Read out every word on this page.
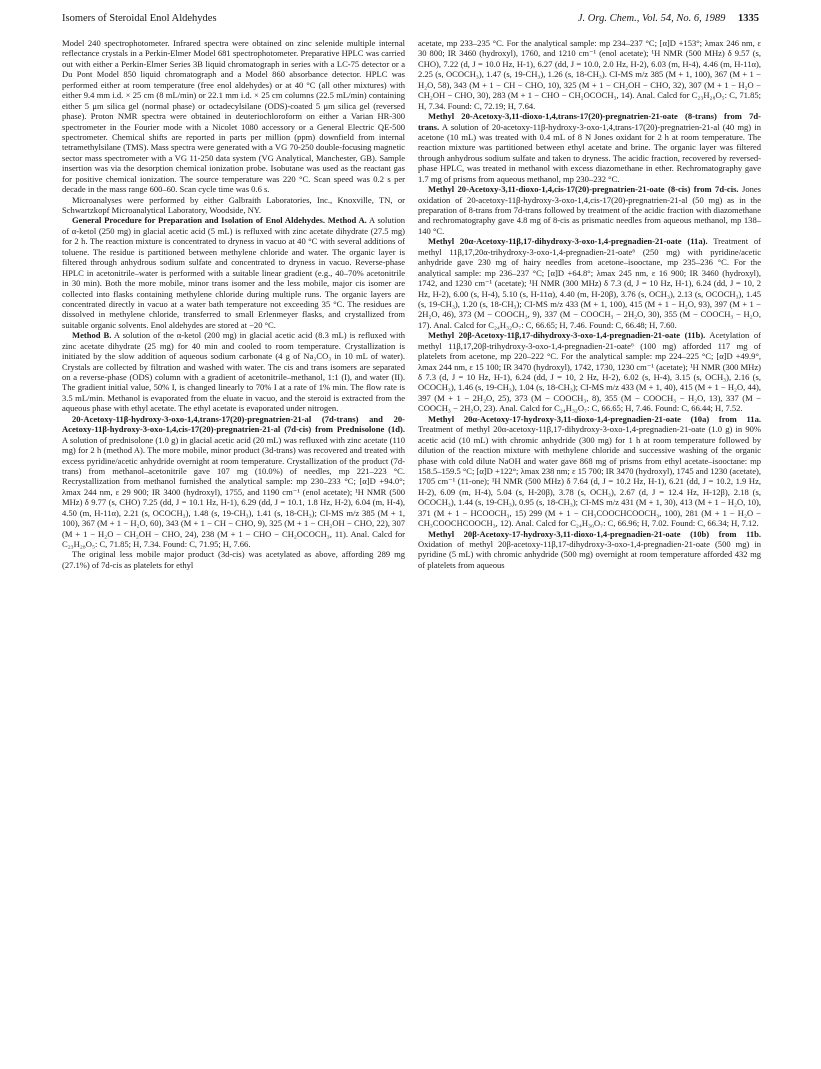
Isomers of Steroidal Enol Aldehydes	J. Org. Chem., Vol. 54, No. 6, 1989 1335

Model 240 spectrophotometer. Infrared spectra were obtained on zinc selenide multiple internal reflectance crystals in a Perkin-Elmer Model 681 spectrophotometer. Preparative HPLC was carried out with either a Perkin-Elmer Series 3B liquid chromatograph in series with a LC-75 detector or a Du Pont Model 850 liquid chromatograph and a Model 860 absorbance detector. HPLC was performed either at room temperature (free enol aldehydes) or at 40 °C (all other mixtures) with either 9.4 mm i.d. × 25 cm (8 mL/min) or 22.1 mm i.d. × 25 cm columns (22.5 mL/min) containing either 5 μm silica gel (normal phase) or octadecylsilane (ODS)-coated 5 μm silica gel (reversed phase). Proton NMR spectra were obtained in deuteriochloroform on either a Varian HR-300 spectrometer in the Fourier mode with a Nicolet 1080 accessory or a General Electric QE-500 spectrometer. Chemical shifts are reported in parts per million (ppm) downfield from internal tetramethylsilane (TMS). Mass spectra were generated with a VG 70-250 double-focusing magnetic sector mass spectrometer with a VG 11-250 data system (VG Analytical, Manchester, GB). Sample insertion was via the desorption chemical ionization probe. Isobutane was used as the reactant gas for positive chemical ionization. The source temperature was 220 °C. Scan speed was 0.2 s per decade in the mass range 600–60. Scan cycle time was 0.6 s.

Microanalyses were performed by either Galbraith Laboratories, Inc., Knoxville, TN, or Schwartzkopf Microanalytical Laboratory, Woodside, NY.

General Procedure for Preparation and Isolation of Enol Aldehydes. Method A. A solution of α-ketol (250 mg) in glacial acetic acid (5 mL) is refluxed with zinc acetate dihydrate (27.5 mg) for 2 h. The reaction mixture is concentrated to dryness in vacuo at 40 °C with several additions of toluene. The residue is partitioned between methylene chloride and water. The organic layer is filtered through anhydrous sodium sulfate and concentrated to dryness in vacuo. Reverse-phase HPLC in acetonitrile–water is performed with a suitable linear gradient (e.g., 40–70% acetonitrile in 30 min). Both the more mobile, minor trans isomer and the less mobile, major cis isomer are collected into flasks containing methylene chloride during multiple runs. The organic layers are concentrated directly in vacuo at a water bath temperature not exceeding 35 °C. The residues are dissolved in methylene chloride, transferred to small Erlenmeyer flasks, and crystallized from suitable organic solvents. Enol aldehydes are stored at −20 °C.

Method B. A solution of the α-ketol (200 mg) in glacial acetic acid (8.3 mL) is refluxed with zinc acetate dihydrate (25 mg) for 40 min and cooled to room temperature. Crystallization is initiated by the slow addition of aqueous sodium carbonate (4 g of Na₂CO₃ in 10 mL of water). Crystals are collected by filtration and washed with water. The cis and trans isomers are separated on a reverse-phase (ODS) column with a gradient of acetonitrile–methanol, 1:1 (I), and water (II). The gradient initial value, 50% I, is changed linearly to 70% I at a rate of 1% min. The flow rate is 3.5 mL/min. Methanol is evaporated from the eluate in vacuo, and the steroid is extracted from the aqueous phase with ethyl acetate. The ethyl acetate is evaporated under nitrogen.

20-Acetoxy-11β-hydroxy-3-oxo-1,4,trans-17(20)-pregnatrien-21-al (7d-trans) and 20-Acetoxy-11β-hydroxy-3-oxo-1,4,cis-17(20)-pregnatrien-21-al (7d-cis) from Prednisolone (1d). A solution of prednisolone (1.0 g) in glacial acetic acid (20 mL) was refluxed with zinc acetate (110 mg) for 2 h (method A). The more mobile, minor product (3d-trans) was recovered and treated with excess pyridine/acetic anhydride overnight at room temperature. Crystallization of the product (7d-trans) from methanol–acetonitrile gave 107 mg (10.0%) of needles, mp 221–223 °C. Recrystallization from methanol furnished the analytical sample: mp 230–233 °C; [α]D +94.0°; λmax 244 nm, ε 29 900; IR 3400 (hydroxyl), 1755, and 1190 cm⁻¹ (enol acetate); ¹H NMR (500 MHz) δ 9.77 (s, CHO) 7.25 (dd, J = 10.1 Hz, H-1), 6.29 (dd, J = 10.1, 1.8 Hz, H-2), 6.04 (m, H-4), 4.50 (m, H-11α), 2.21 (s, OCOCH₃), 1.48 (s, 19-CH₃), 1.41 (s, 18-CH₃); CI-MS m/z 385 (M + 1, 100), 367 (M + 1 − H₂O, 60), 343 (M + 1 − CH − CHO, 9), 325 (M + 1 − CH₂OH − CHO, 22), 307 (M + 1 − H₂O − CH₂OH − CHO, 24), 238 (M + 1 − CHO − CH₂OCOCH₃, 11). Anal. Calcd for C₂₃H₂₈O₅: C, 71.85; H, 7.34. Found: C, 71.95; H, 7.66.

The original less mobile major product (3d-cis) was acetylated as above, affording 289 mg (27.1%) of 7d-cis as platelets for ethyl

acetate, mp 233–235 °C. For the analytical sample: mp 234–237 °C; [α]D +153°; λmax 246 nm, ε 30 800; IR 3460 (hydroxyl), 1760, and 1210 cm⁻¹ (enol acetate); ¹H NMR (500 MHz) δ 9.57 (s, CHO), 7.22 (d, J = 10.0 Hz, H-1), 6.27 (dd, J = 10.0, 2.0 Hz, H-2), 6.03 (m, H-4), 4.46 (m, H-11α), 2.25 (s, OCOCH₃), 1.47 (s, 19-CH₃), 1.26 (s, 18-CH₃). CI-MS m/z 385 (M + 1, 100), 367 (M + 1 − H₂O, 58), 343 (M + 1 − CH − CHO, 10), 325 (M + 1 − CH₂OH − CHO, 32), 307 (M + 1 − H₂O − CH₂OH − CHO, 30), 283 (M + 1 − CHO − CH₂OCOCH₃, 14). Anal. Calcd for C₂₃H₂₈O₅: C, 71.85; H, 7.34. Found: C, 72.19; H, 7.64.

Methyl 20-Acetoxy-3,11-dioxo-1,4,trans-17(20)-pregnatrien-21-oate (8-trans) from 7d-trans. A solution of 20-acetoxy-11β-hydroxy-3-oxo-1,4,trans-17(20)-pregnatrien-21-al (40 mg) in acetone (10 mL) was treated with 0.4 mL of 8 N Jones oxidant for 2 h at room temperature. The reaction mixture was partitioned between ethyl acetate and brine. The organic layer was filtered through anhydrous sodium sulfate and taken to dryness. The acidic fraction, recovered by reversed-phase HPLC, was treated in methanol with excess diazomethane in ether. Rechromatography gave 1.7 mg of prisms from aqueous methanol, mp 230–232 °C.

Methyl 20-Acetoxy-3,11-dioxo-1,4,cis-17(20)-pregnatrien-21-oate (8-cis) from 7d-cis. Jones oxidation of 20-acetoxy-11β-hydroxy-3-oxo-1,4,cis-17(20)-pregnatrien-21-al (50 mg) as in the preparation of 8-trans from 7d-trans followed by treatment of the acidic fraction with diazomethane and rechromatography gave 4.8 mg of 8-cis as prismatic needles from aqueous methanol, mp 138–140 °C.

Methyl 20α-Acetoxy-11β,17-dihydroxy-3-oxo-1,4-pregnadien-21-oate (11a). Treatment of methyl 11β,17,20α-trihydroxy-3-oxo-1,4-pregnadien-21-oate⁶ (250 mg) with pyridine/acetic anhydride gave 230 mg of hairy needles from acetone–isooctane, mp 235–236 °C. For the analytical sample: mp 236–237 °C; [α]D +64.8°; λmax 245 nm, ε 16 900; IR 3460 (hydroxyl), 1742, and 1230 cm⁻¹ (acetate); ¹H NMR (300 MHz) δ 7.3 (d, J = 10 Hz, H-1), 6.24 (dd, J = 10, 2 Hz, H-2), 6.00 (s, H-4), 5.10 (s, H-11α), 4.40 (m, H-20β), 3.76 (s, OCH₃), 2.13 (s, OCOCH₃), 1.45 (s, 19-CH₃), 1.20 (s, 18-CH₃); CI-MS m/z 433 (M + 1, 100), 415 (M + 1 − H₂O, 93), 397 (M + 1 − 2H₂O, 46), 373 (M − COOCH₃, 9), 337 (M − COOCH₃ − 2H₂O, 30), 355 (M − COOCH₃ − H₂O, 17). Anal. Calcd for C₂₄H₃₂O₇: C, 66.65; H, 7.46. Found: C, 66.48; H, 7.60.

Methyl 20β-Acetoxy-11β,17-dihydroxy-3-oxo-1,4-pregnadien-21-oate (11b). Acetylation of methyl 11β,17,20β-trihydroxy-3-oxo-1,4-pregnadien-21-oate⁶ (100 mg) afforded 117 mg of platelets from acetone, mp 220–222 °C. For the analytical sample: mp 224–225 °C; [α]D +49.9°, λmax 244 nm, ε 15 100; IR 3470 (hydroxyl), 1742, 1730, 1230 cm⁻¹ (acetate); ¹H NMR (300 MHz) δ 7.3 (d, J = 10 Hz, H-1), 6.24 (dd, J = 10, 2 Hz, H-2), 6.02 (s, H-4), 3.15 (s, OCH₃), 2.16 (s, OCOCH₃), 1.46 (s, 19-CH₃), 1.04 (s, 18-CH₃); CI-MS m/z 433 (M + 1, 40), 415 (M + 1 − H₂O, 44), 397 (M + 1 − 2H₂O, 25), 373 (M − COOCH₃, 8), 355 (M − COOCH₃ − H₂O, 13), 337 (M − COOCH₃ − 2H₂O, 23). Anal. Calcd for C₂₄H₃₂O₇: C, 66.65; H, 7.46. Found: C, 66.44; H, 7.52.

Methyl 20α-Acetoxy-17-hydroxy-3,11-dioxo-1,4-pregnadien-21-oate (10a) from 11a. Treatment of methyl 20α-acetoxy-11β,17-dihydroxy-3-oxo-1,4-pregnadien-21-oate (1.0 g) in 90% acetic acid (10 mL) with chromic anhydride (300 mg) for 1 h at room temperature followed by dilution of the reaction mixture with methylene chloride and successive washing of the organic phase with cold dilute NaOH and water gave 868 mg of prisms from ethyl acetate–isooctane: mp 158.5–159.5 °C; [α]D +122°; λmax 238 nm; ε 15 700; IR 3470 (hydroxyl), 1745 and 1230 (acetate), 1705 cm⁻¹ (11-one); ¹H NMR (500 MHz) δ 7.64 (d, J = 10.2 Hz, H-1), 6.21 (dd, J = 10.2, 1.9 Hz, H-2), 6.09 (m, H-4), 5.04 (s, H-20β), 3.78 (s, OCH₃), 2.67 (d, J = 12.4 Hz, H-12β), 2.18 (s, OCOCH₃), 1.44 (s, 19-CH₃), 0.95 (s, 18-CH₃); CI-MS m/z 431 (M + 1, 30), 413 (M + 1 − H₂O, 10), 371 (M + 1 − HCOOCH₃, 15) 299 (M + 1 − CH₃COOCHCOOCH₃, 100), 281 (M + 1 − H₂O − CH₃COOCHCOOCH₃, 12). Anal. Calcd for C₂₄H₃₀O₇: C, 66.96; H, 7.02. Found: C, 66.34; H, 7.12.

Methyl 20β-Acetoxy-17-hydroxy-3,11-dioxo-1,4-pregnadien-21-oate (10b) from 11b. Oxidation of methyl 20β-acetoxy-11β,17-dihydroxy-3-oxo-1,4-pregnadien-21-oate (500 mg) in pyridine (5 mL) with chromic anhydride (500 mg) overnight at room temperature afforded 432 mg of platelets from aqueous
